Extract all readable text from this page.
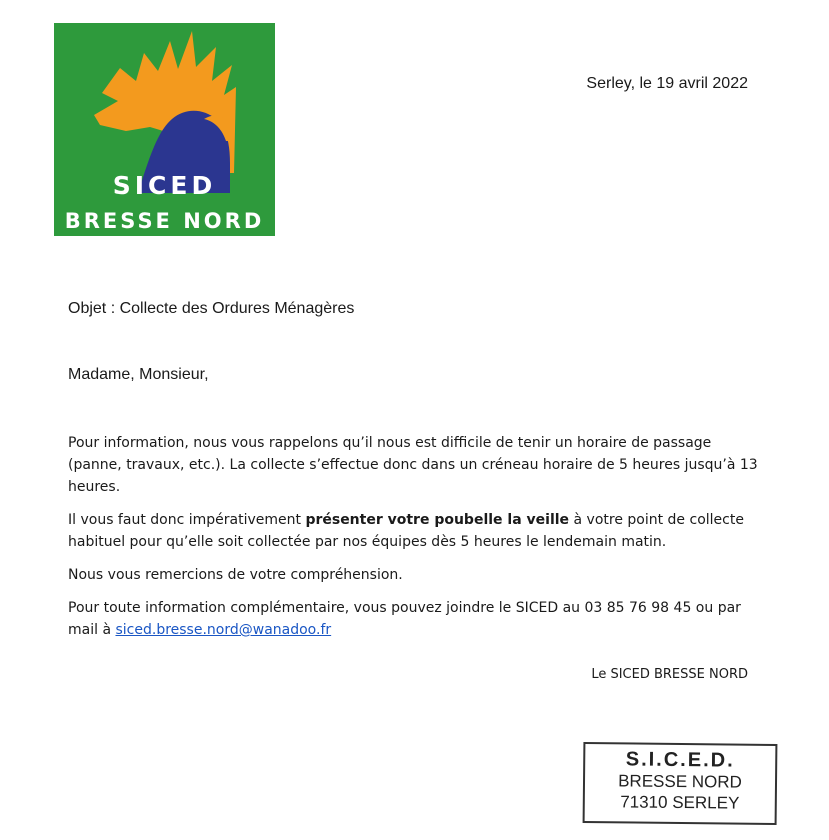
SICED
BRESSE NORD
Serley, le 19 avril 2022
Objet : Collecte des Ordures Ménagères
Madame, Monsieur,

Pour information, nous vous rappelons qu’il nous est difficile de tenir un horaire de passage (panne, travaux, etc.). La collecte s’effectue donc dans un créneau horaire de 5 heures jusqu’à 13 heures.

Il vous faut donc impérativement présenter votre poubelle la veille à votre point de collecte habituel pour qu’elle soit collectée par nos équipes dès 5 heures le lendemain matin.

Nous vous remercions de votre compréhension.

Pour toute information complémentaire, vous pouvez joindre le SICED au 03 85 76 98 45 ou par mail à siced.bresse.nord@wanadoo.fr

Le SICED BRESSE NORD
S.I.C.E.D.
BRESSE NORD
71310 SERLEY
